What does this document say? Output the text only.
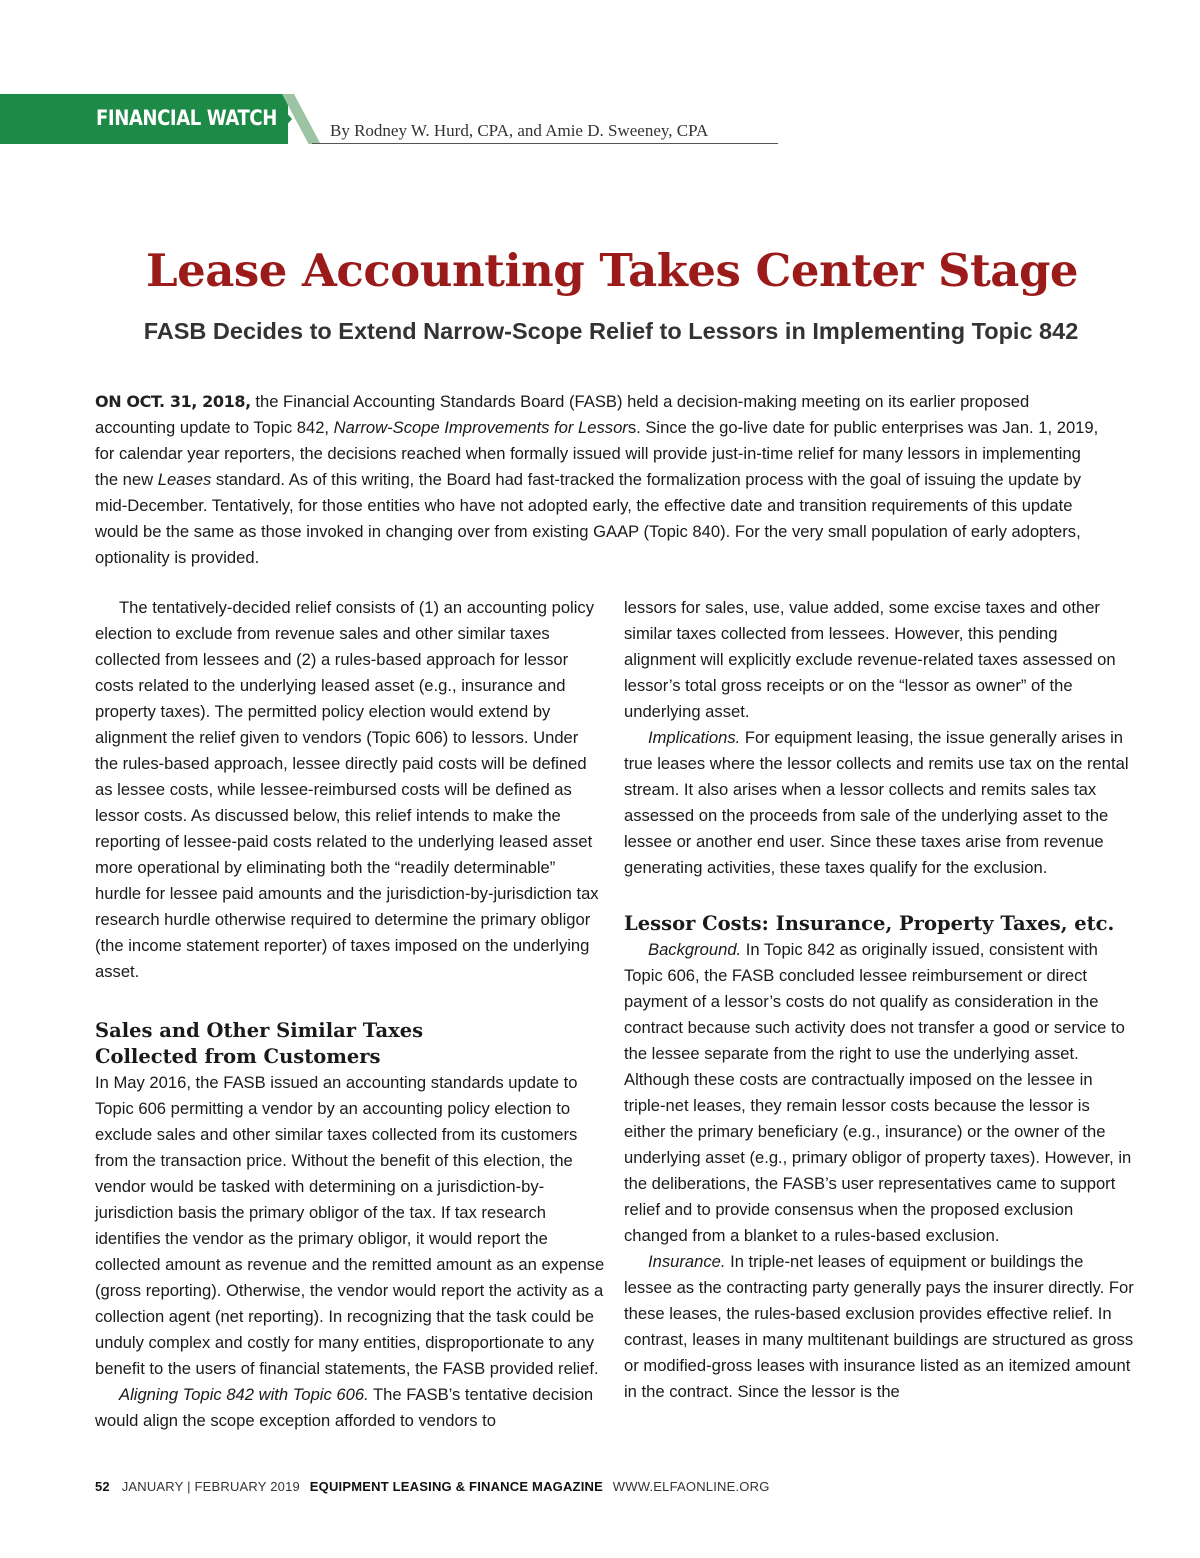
FINANCIAL WATCH
By Rodney W. Hurd, CPA, and Amie D. Sweeney, CPA
Lease Accounting Takes Center Stage
FASB Decides to Extend Narrow-Scope Relief to Lessors in Implementing Topic 842

ON OCT. 31, 2018, the Financial Accounting Standards Board (FASB) held a decision-making meeting on its earlier proposed accounting update to Topic 842, Narrow-Scope Improvements for Lessors. Since the go-live date for public enterprises was Jan. 1, 2019, for calendar year reporters, the decisions reached when formally issued will provide just-in-time relief for many lessors in implementing the new Leases standard. As of this writing, the Board had fast-tracked the formalization process with the goal of issuing the update by mid-December. Tentatively, for those entities who have not adopted early, the effective date and transition requirements of this update would be the same as those invoked in changing over from existing GAAP (Topic 840). For the very small population of early adopters, optionality is provided.

The tentatively-decided relief consists of (1) an accounting policy election to exclude from revenue sales and other similar taxes collected from lessees and (2) a rules-based approach for lessor costs related to the underlying leased asset (e.g., insurance and property taxes). The permitted policy election would extend by alignment the relief given to vendors (Topic 606) to lessors. Under the rules-based approach, lessee directly paid costs will be defined as lessee costs, while lessee-reimbursed costs will be defined as lessor costs. As discussed below, this relief intends to make the reporting of lessee-paid costs related to the underlying leased asset more operational by eliminating both the “readily determinable” hurdle for lessee paid amounts and the jurisdiction-by-jurisdiction tax research hurdle otherwise required to determine the primary obligor (the income statement reporter) of taxes imposed on the underlying asset.

Sales and Other Similar Taxes
Collected from Customers

In May 2016, the FASB issued an accounting standards update to Topic 606 permitting a vendor by an accounting policy election to exclude sales and other similar taxes collected from its customers from the transaction price. Without the benefit of this election, the vendor would be tasked with determining on a jurisdiction-by-jurisdiction basis the primary obligor of the tax. If tax research identifies the vendor as the primary obligor, it would report the collected amount as revenue and the remitted amount as an expense (gross reporting). Otherwise, the vendor would report the activity as a collection agent (net reporting). In recognizing that the task could be unduly complex and costly for many entities, disproportionate to any benefit to the users of financial statements, the FASB provided relief.

Aligning Topic 842 with Topic 606. The FASB’s tentative decision would align the scope exception afforded to vendors to

lessors for sales, use, value added, some excise taxes and other similar taxes collected from lessees. However, this pending alignment will explicitly exclude revenue-related taxes assessed on lessor’s total gross receipts or on the “lessor as owner” of the underlying asset.

Implications. For equipment leasing, the issue generally arises in true leases where the lessor collects and remits use tax on the rental stream. It also arises when a lessor collects and remits sales tax assessed on the proceeds from sale of the underlying asset to the lessee or another end user. Since these taxes arise from revenue generating activities, these taxes qualify for the exclusion.

Lessor Costs: Insurance, Property Taxes, etc.

Background. In Topic 842 as originally issued, consistent with Topic 606, the FASB concluded lessee reimbursement or direct payment of a lessor’s costs do not qualify as consideration in the contract because such activity does not transfer a good or service to the lessee separate from the right to use the underlying asset. Although these costs are contractually imposed on the lessee in triple-net leases, they remain lessor costs because the lessor is either the primary beneficiary (e.g., insurance) or the owner of the underlying asset (e.g., primary obligor of property taxes). However, in the deliberations, the FASB’s user representatives came to support relief and to provide consensus when the proposed exclusion changed from a blanket to a rules-based exclusion.

Insurance. In triple-net leases of equipment or buildings the lessee as the contracting party generally pays the insurer directly. For these leases, the rules-based exclusion provides effective relief. In contrast, leases in many multitenant buildings are structured as gross or modified-gross leases with insurance listed as an itemized amount in the contract. Since the lessor is the

52 JANUARY | FEBRUARY 2019 EQUIPMENT LEASING & FINANCE MAGAZINE WWW.ELFAONLINE.ORG
